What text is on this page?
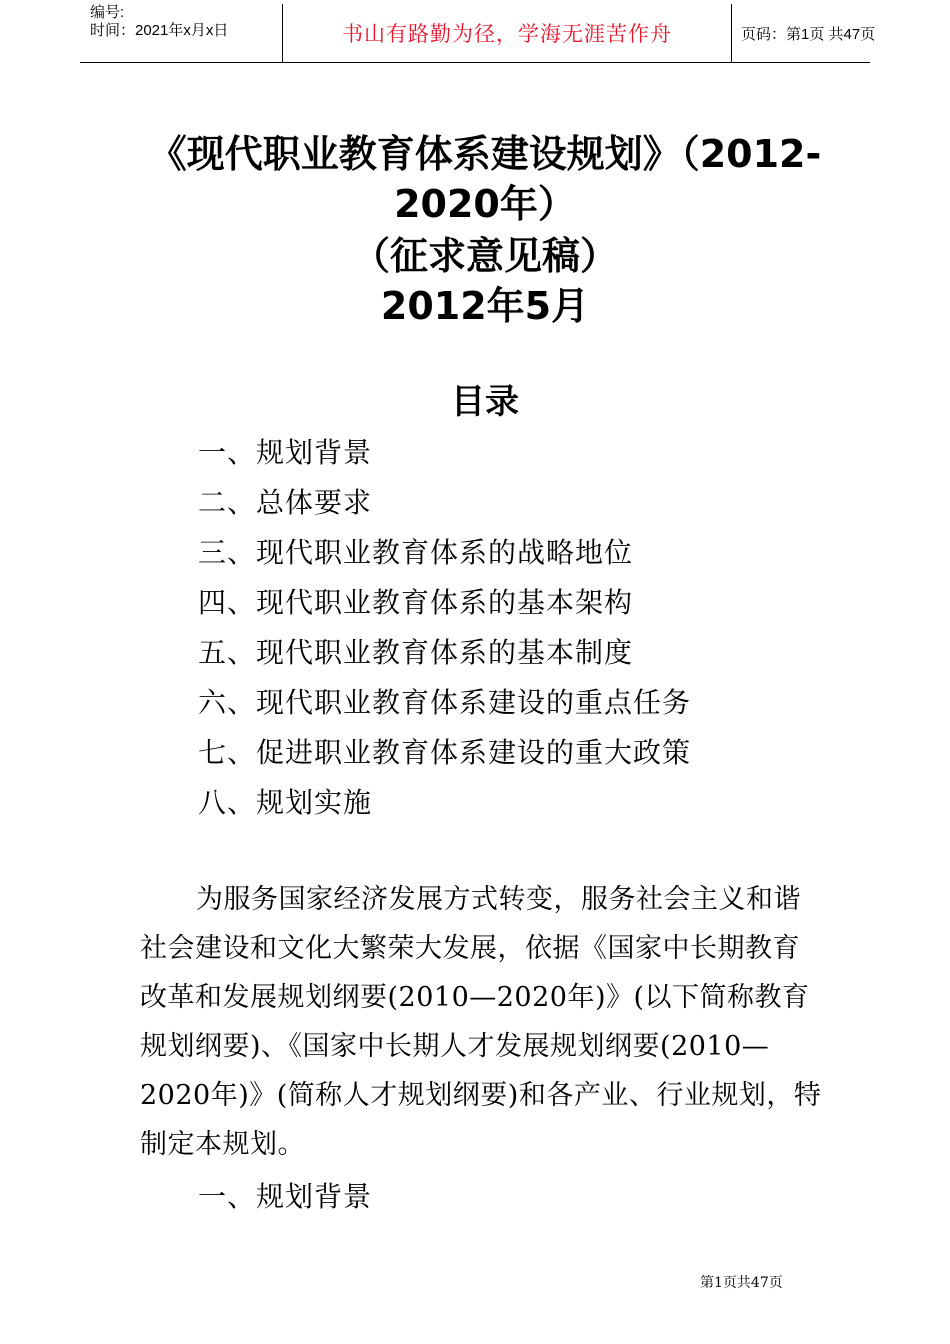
编号:
时间：2021年x月x日	书山有路勤为径，学海无涯苦作舟	页码：第1页 共47页
《现代职业教育体系建设规划》（2012-
2020年）
（征求意见稿）
2012年5月
目录
一、规划背景
二、总体要求
三、现代职业教育体系的战略地位
四、现代职业教育体系的基本架构
五、现代职业教育体系的基本制度
六、现代职业教育体系建设的重点任务
七、促进职业教育体系建设的重大政策
八、规划实施
为服务国家经济发展方式转变，服务社会主义和谐
社会建设和文化大繁荣大发展，依据《国家中长期教育
改革和发展规划纲要(2010—2020年)》(以下简称教育
规划纲要)、《国家中长期人才发展规划纲要(2010—
2020年)》(简称人才规划纲要)和各产业、行业规划，特
制定本规划。
一、规划背景
第1页共47页
